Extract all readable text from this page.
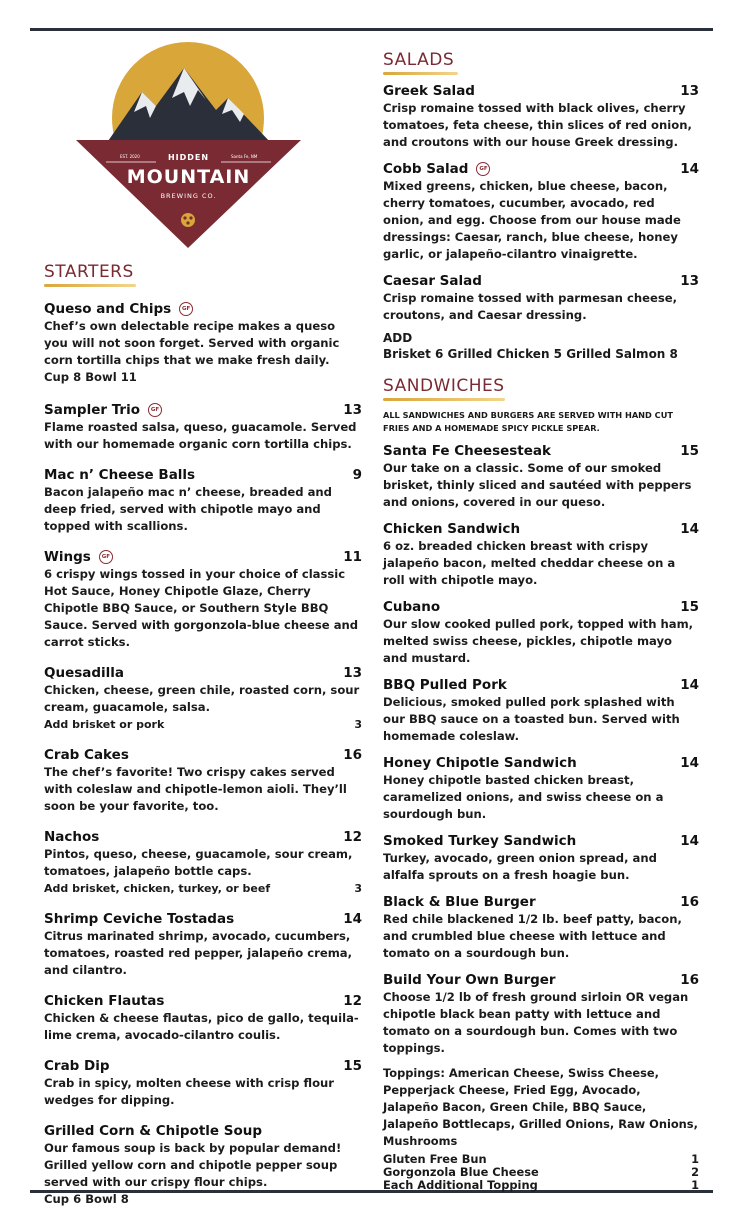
EST. 2020	Santa Fe, NM
HIDDEN
MOUNTAIN
BREWING CO.
STARTERS
Queso and Chips GF
Chef’s own delectable recipe makes a queso you will not soon forget. Served with organic corn tortilla chips that we make fresh daily.
Cup 8 Bowl 11
Sampler Trio GF	13
Flame roasted salsa, queso, guacamole. Served with our homemade organic corn tortilla chips.
Mac n’ Cheese Balls	9
Bacon jalapeño mac n’ cheese, breaded and deep fried, served with chipotle mayo and topped with scallions.
Wings GF	11
6 crispy wings tossed in your choice of classic Hot Sauce, Honey Chipotle Glaze, Cherry Chipotle BBQ Sauce, or Southern Style BBQ Sauce. Served with gorgonzola-blue cheese and carrot sticks.
Quesadilla	13
Chicken, cheese, green chile, roasted corn, sour cream, guacamole, salsa.
Add brisket or pork	3
Crab Cakes	16
The chef’s favorite! Two crispy cakes served with coleslaw and chipotle-lemon aioli. They’ll soon be your favorite, too.
Nachos	12
Pintos, queso, cheese, guacamole, sour cream, tomatoes, jalapeño bottle caps.
Add brisket, chicken, turkey, or beef	3
Shrimp Ceviche Tostadas	14
Citrus marinated shrimp, avocado, cucumbers, tomatoes, roasted red pepper, jalapeño crema, and cilantro.
Chicken Flautas	12
Chicken & cheese flautas, pico de gallo, tequila-lime crema, avocado-cilantro coulis.
Crab Dip	15
Crab in spicy, molten cheese with crisp flour wedges for dipping.
Grilled Corn & Chipotle Soup
Our famous soup is back by popular demand! Grilled yellow corn and chipotle pepper soup served with our crispy flour chips.
Cup 6 Bowl 8
SALADS
Greek Salad	13
Crisp romaine tossed with black olives, cherry tomatoes, feta cheese, thin slices of red onion, and croutons with our house Greek dressing.
Cobb Salad GF	14
Mixed greens, chicken, blue cheese, bacon, cherry tomatoes, cucumber, avocado, red onion, and egg. Choose from our house made dressings: Caesar, ranch, blue cheese, honey garlic, or jalapeño-cilantro vinaigrette.
Caesar Salad	13
Crisp romaine tossed with parmesan cheese, croutons, and Caesar dressing.
ADD
Brisket 6 Grilled Chicken 5 Grilled Salmon 8
SANDWICHES
ALL SANDWICHES AND BURGERS ARE SERVED WITH HAND CUT FRIES AND A HOMEMADE SPICY PICKLE SPEAR.
Santa Fe Cheesesteak	15
Our take on a classic. Some of our smoked brisket, thinly sliced and sautéed with peppers and onions, covered in our queso.
Chicken Sandwich	14
6 oz. breaded chicken breast with crispy jalapeño bacon, melted cheddar cheese on a roll with chipotle mayo.
Cubano	15
Our slow cooked pulled pork, topped with ham, melted swiss cheese, pickles, chipotle mayo and mustard.
BBQ Pulled Pork	14
Delicious, smoked pulled pork splashed with our BBQ sauce on a toasted bun. Served with homemade coleslaw.
Honey Chipotle Sandwich	14
Honey chipotle basted chicken breast, caramelized onions, and swiss cheese on a sourdough bun.
Smoked Turkey Sandwich	14
Turkey, avocado, green onion spread, and alfalfa sprouts on a fresh hoagie bun.
Black & Blue Burger	16
Red chile blackened 1/2 lb. beef patty, bacon, and crumbled blue cheese with lettuce and tomato on a sourdough bun.
Build Your Own Burger	16
Choose 1/2 lb of fresh ground sirloin OR vegan chipotle black bean patty with lettuce and tomato on a sourdough bun. Comes with two toppings.
Toppings: American Cheese, Swiss Cheese, Pepperjack Cheese, Fried Egg, Avocado, Jalapeño Bacon, Green Chile, BBQ Sauce, Jalapeño Bottlecaps, Grilled Onions, Raw Onions, Mushrooms
Gluten Free Bun	1
Gorgonzola Blue Cheese	2
Each Additional Topping	1
